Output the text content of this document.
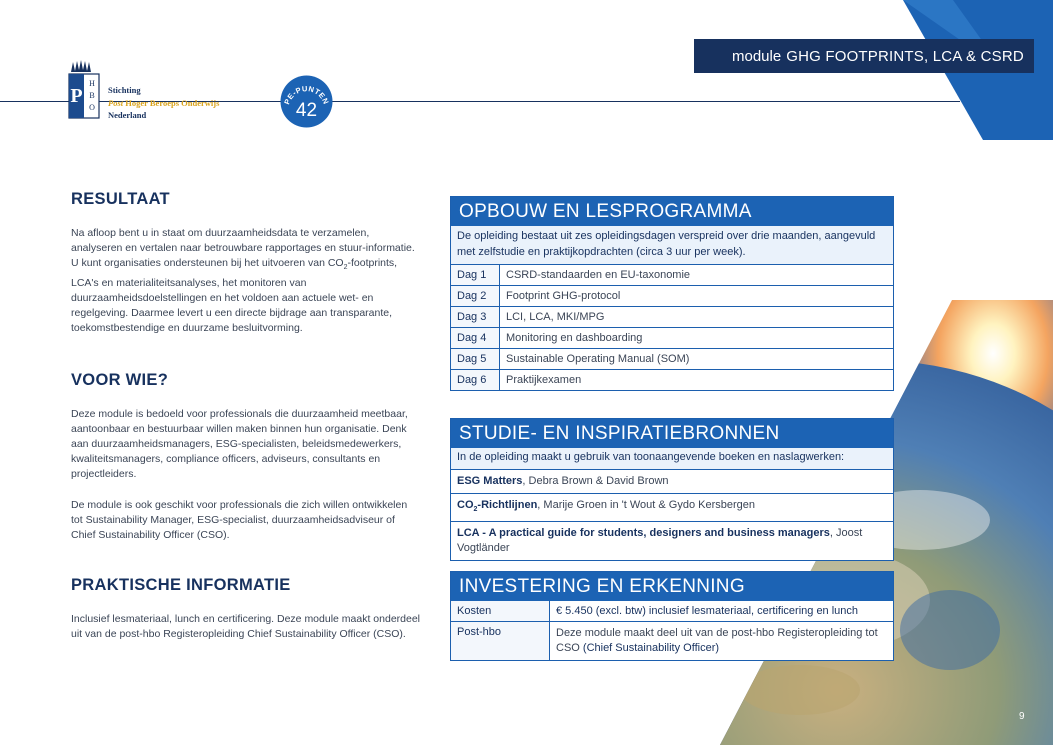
module GHG FOOTPRINTS, LCA & CSRD
P
H
B
O
Stichting
Post Hoger Beroeps Onderwijs
Nederland
PE-PUNTEN
42
RESULTAAT

Na afloop bent u in staat om duurzaamheidsdata te verzamelen, analyseren en vertalen naar betrouwbare rapportages en stuur-informatie. U kunt organisaties ondersteunen bij het uitvoeren van $CO_2$-footprints, LCA's en materialiteitsanalyses, het monitoren van duurzaamheidsdoelstellingen en het voldoen aan actuele wet- en regelgeving. Daarmee levert u een directe bijdrage aan transparante, toekomstbestendige en duurzame besluitvorming.

VOOR WIE?

Deze module is bedoeld voor professionals die duurzaamheid meetbaar, aantoonbaar en bestuurbaar willen maken binnen hun organisatie. Denk aan duurzaamheidsmanagers, ESG-specialisten, beleidsmedewerkers, kwaliteitsmanagers, compliance officers, adviseurs, consultants en projectleiders.

De module is ook geschikt voor professionals die zich willen ontwikkelen tot Sustainability Manager, ESG-specialist, duurzaamheidsadviseur of Chief Sustainability Officer (CSO).

PRAKTISCHE INFORMATIE

Inclusief lesmateriaal, lunch en certificering. Deze module maakt onderdeel uit van de post-hbo Registeropleiding Chief Sustainability Officer (CSO).

OPBOUW EN LESPROGRAMMA
De opleiding bestaat uit zes opleidingsdagen verspreid over drie maanden, aangevuld met zelfstudie en praktijkopdrachten (circa 3 uur per week).
Dag 1	CSRD-standaarden en EU-taxonomie
Dag 2	Footprint GHG-protocol
Dag 3	LCI, LCA, MKI/MPG
Dag 4	Monitoring en dashboarding
Dag 5	Sustainable Operating Manual (SOM)
Dag 6	Praktijkexamen
STUDIE- EN INSPIRATIEBRONNEN
In de opleiding maakt u gebruik van toonaangevende boeken en naslagwerken:
ESG Matters, Debra Brown & David Brown
$CO_2$-Richtlijnen, Marije Groen in 't Wout & Gydo Kersbergen
LCA - A practical guide for students, designers and business managers, Joost Vogtländer
INVESTERING EN ERKENNING
Kosten	€ 5.450 (excl. btw) inclusief lesmateriaal, certificering en lunch
Post-hbo	Deze module maakt deel uit van de post-hbo Registeropleiding tot CSO (Chief Sustainability Officer)
9
